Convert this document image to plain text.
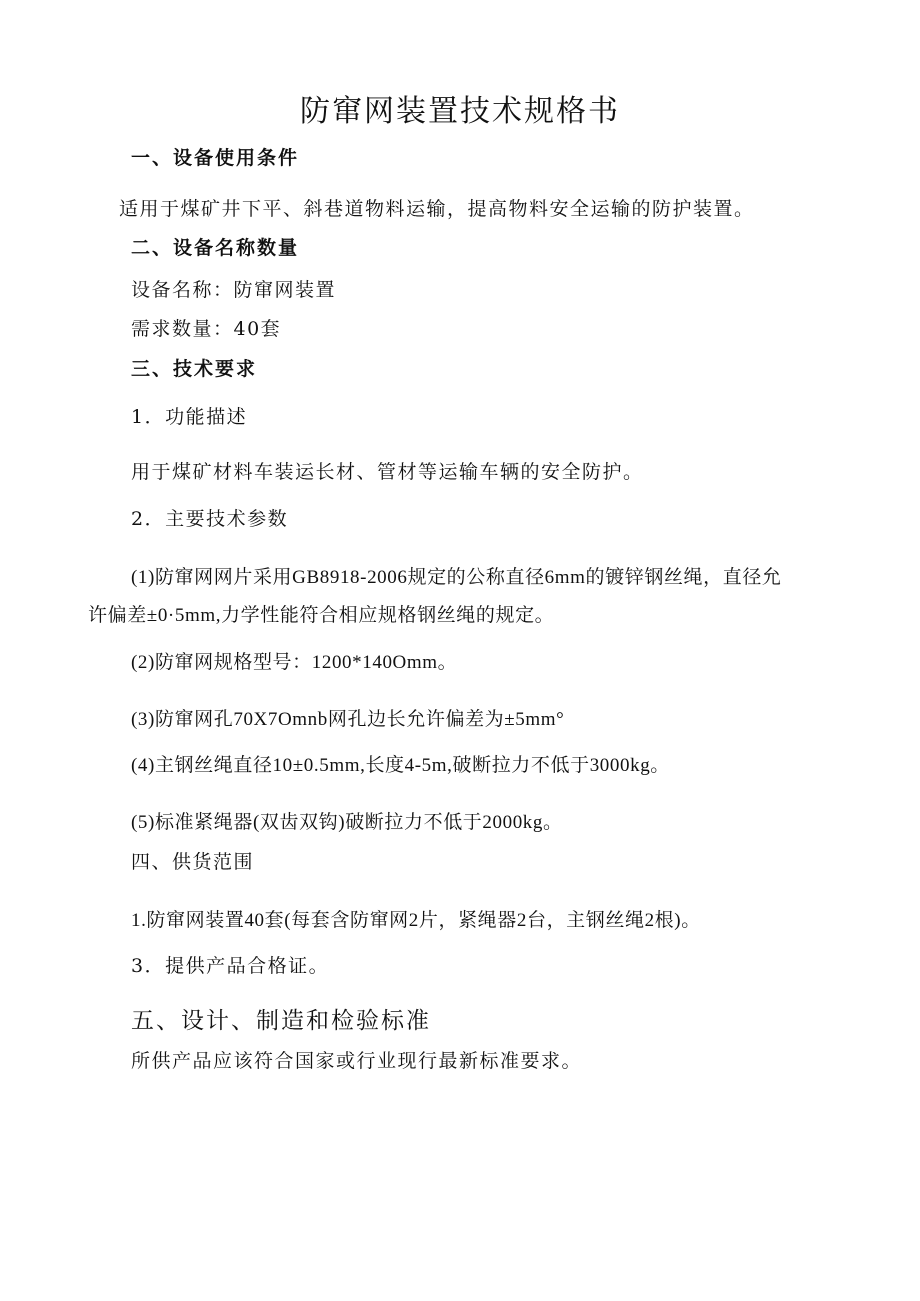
防窜网装置技术规格书
一、设备使用条件
适用于煤矿井下平、斜巷道物料运输，提高物料安全运输的防护装置。
二、设备名称数量
设备名称：防窜网装置
需求数量：40套
三、技术要求
1．功能描述
用于煤矿材料车装运长材、管材等运输车辆的安全防护。
2．主要技术参数
(1)防窜网网片采用GB8918-2006规定的公称直径6mm的镀锌钢丝绳，直径允
许偏差±0·5mm,力学性能符合相应规格钢丝绳的规定。
(2)防窜网规格型号：1200*140Omm。
(3)防窜网孔70X7Omnb网孔边长允许偏差为±5mm°
(4)主钢丝绳直径10±0.5mm,长度4-5m,破断拉力不低于3000kg。
(5)标准紧绳器(双齿双钩)破断拉力不低于2000kg。
四、供货范围
1.防窜网装置40套(每套含防窜网2片，紧绳器2台，主钢丝绳2根)。
3．提供产品合格证。
五、设计、制造和检验标准
所供产品应该符合国家或行业现行最新标准要求。
